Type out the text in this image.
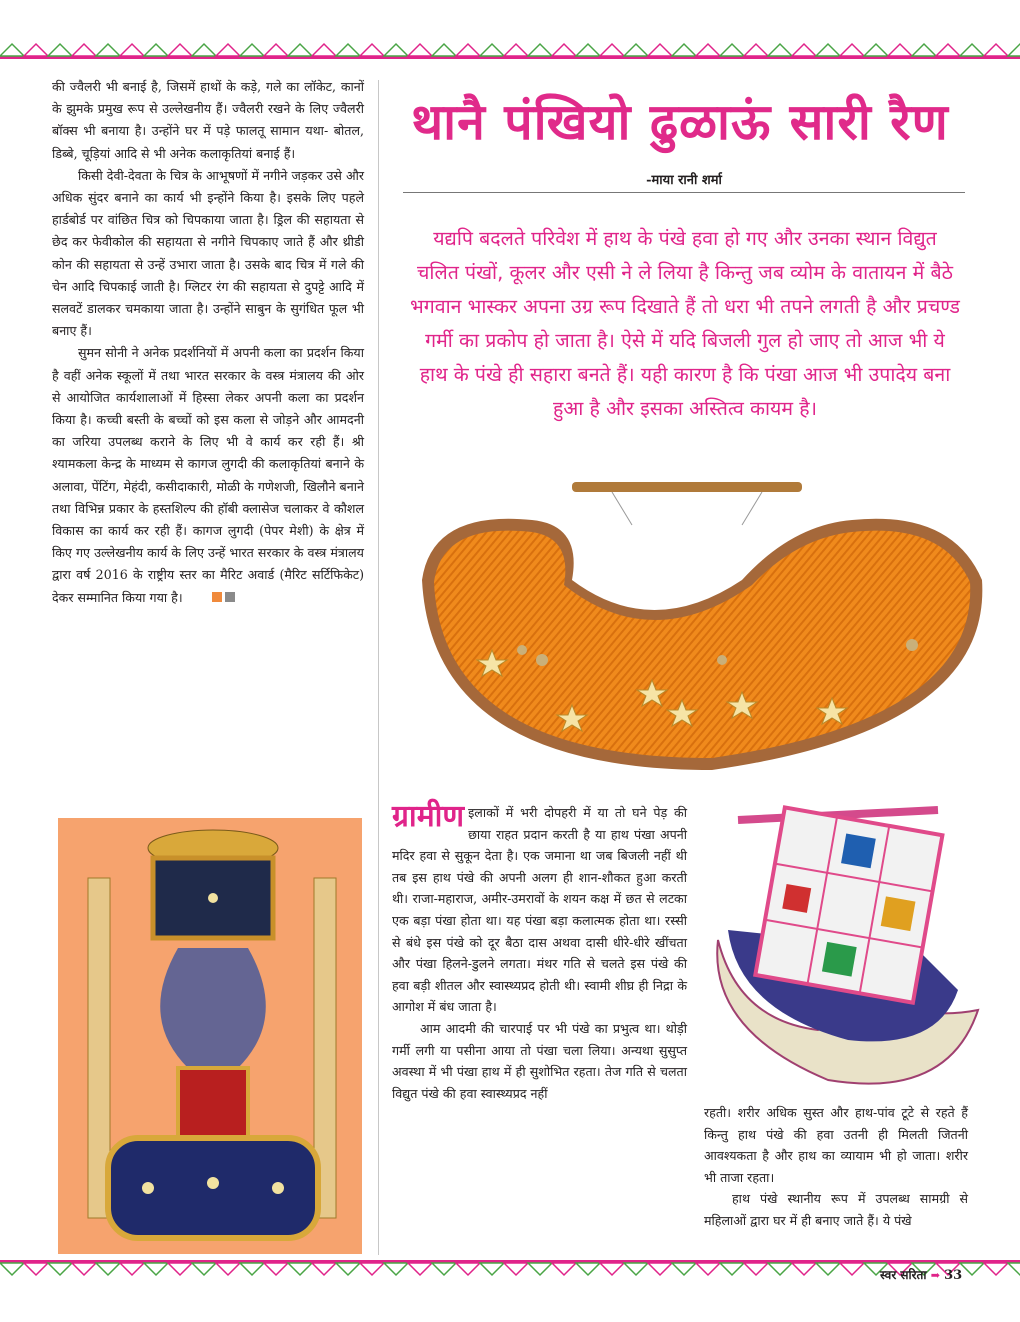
की ज्वैलरी भी बनाई है, जिसमें हाथों के कड़े, गले का लॉकेट, कानों के झुमके प्रमुख रूप से उल्लेखनीय हैं। ज्वैलरी रखने के लिए ज्वैलरी बॉक्स भी बनाया है। उन्होंने घर में पड़े फालतू सामान यथा- बोतल, डिब्बे, चूड़ियां आदि से भी अनेक कलाकृतियां बनाई हैं।

किसी देवी-देवता के चित्र के आभूषणों में नगीने जड़कर उसे और अधिक सुंदर बनाने का कार्य भी इन्होंने किया है। इसके लिए पहले हार्डबोर्ड पर वांछित चित्र को चिपकाया जाता है। ड्रिल की सहायता से छेद कर फेवीकोल की सहायता से नगीने चिपकाए जाते हैं और थ्रीडी कोन की सहायता से उन्हें उभारा जाता है। उसके बाद चित्र में गले की चेन आदि चिपकाई जाती है। ग्लिटर रंग की सहायता से दुपट्टे आदि में सलवटें डालकर चमकाया जाता है। उन्होंने साबुन के सुगंधित फूल भी बनाए हैं।

सुमन सोनी ने अनेक प्रदर्शनियों में अपनी कला का प्रदर्शन किया है वहीं अनेक स्कूलों में तथा भारत सरकार के वस्त्र मंत्रालय की ओर से आयोजित कार्यशालाओं में हिस्सा लेकर अपनी कला का प्रदर्शन किया है। कच्ची बस्ती के बच्चों को इस कला से जोड़ने और आमदनी का जरिया उपलब्ध कराने के लिए भी वे कार्य कर रही हैं। श्री श्यामकला केन्द्र के माध्यम से कागज लुगदी की कलाकृतियां बनाने के अलावा, पेंटिंग, मेहंदी, कसीदाकारी, मोळी के गणेशजी, खिलौने बनाने तथा विभिन्न प्रकार के हस्तशिल्प की हॉबी क्लासेज चलाकर वे कौशल विकास का कार्य कर रही हैं। कागज लुगदी (पेपर मेशी) के क्षेत्र में किए गए उल्लेखनीय कार्य के लिए उन्हें भारत सरकार के वस्त्र मंत्रालय द्वारा वर्ष 2016 के राष्ट्रीय स्तर का मैरिट अवार्ड (मैरिट सर्टिफिकेट) देकर सम्मानित किया गया है।

थानै पंखियो ढुळाऊं सारी रैण
-माया रानी शर्मा
यद्यपि बदलते परिवेश में हाथ के पंखे हवा हो गए और उनका स्थान विद्युत चलित पंखों, कूलर और एसी ने ले लिया है किन्तु जब व्योम के वातायन में बैठे भगवान भास्कर अपना उग्र रूप दिखाते हैं तो धरा भी तपने लगती है और प्रचण्ड गर्मी का प्रकोप हो जाता है। ऐसे में यदि बिजली गुल हो जाए तो आज भी ये हाथ के पंखे ही सहारा बनते हैं। यही कारण है कि पंखा आज भी उपादेय बना हुआ है और इसका अस्तित्व कायम है।

ग्रामीण इलाकों में भरी दोपहरी में या तो घने पेड़ की छाया राहत प्रदान करती है या हाथ पंखा अपनी मदिर हवा से सुकून देता है। एक जमाना था जब बिजली नहीं थी तब इस हाथ पंखे की अपनी अलग ही शान-शौकत हुआ करती थी। राजा-महाराज, अमीर-उमरावों के शयन कक्ष में छत से लटका एक बड़ा पंखा होता था। यह पंखा बड़ा कलात्मक होता था। रस्सी से बंधे इस पंखे को दूर बैठा दास अथवा दासी धीरे-धीरे खींचता और पंखा हिलने-डुलने लगता। मंथर गति से चलते इस पंखे की हवा बड़ी शीतल और स्वास्थ्यप्रद होती थी। स्वामी शीघ्र ही निद्रा के आगोश में बंध जाता है।

आम आदमी की चारपाई पर भी पंखे का प्रभुत्व था। थोड़ी गर्मी लगी या पसीना आया तो पंखा चला लिया। अन्यथा सुसुप्त अवस्था में भी पंखा हाथ में ही सुशोभित रहता। तेज गति से चलता विद्युत पंखे की हवा स्वास्थ्यप्रद नहीं

रहती। शरीर अधिक सुस्त और हाथ-पांव टूटे से रहते हैं किन्तु हाथ पंखे की हवा उतनी ही मिलती जितनी आवश्यकता है और हाथ का व्यायाम भी हो जाता। शरीर भी ताजा रहता।

हाथ पंखे स्थानीय रूप में उपलब्ध सामग्री से महिलाओं द्वारा घर में ही बनाए जाते हैं। ये पंखे

स्वर सरिता ➡ 33
